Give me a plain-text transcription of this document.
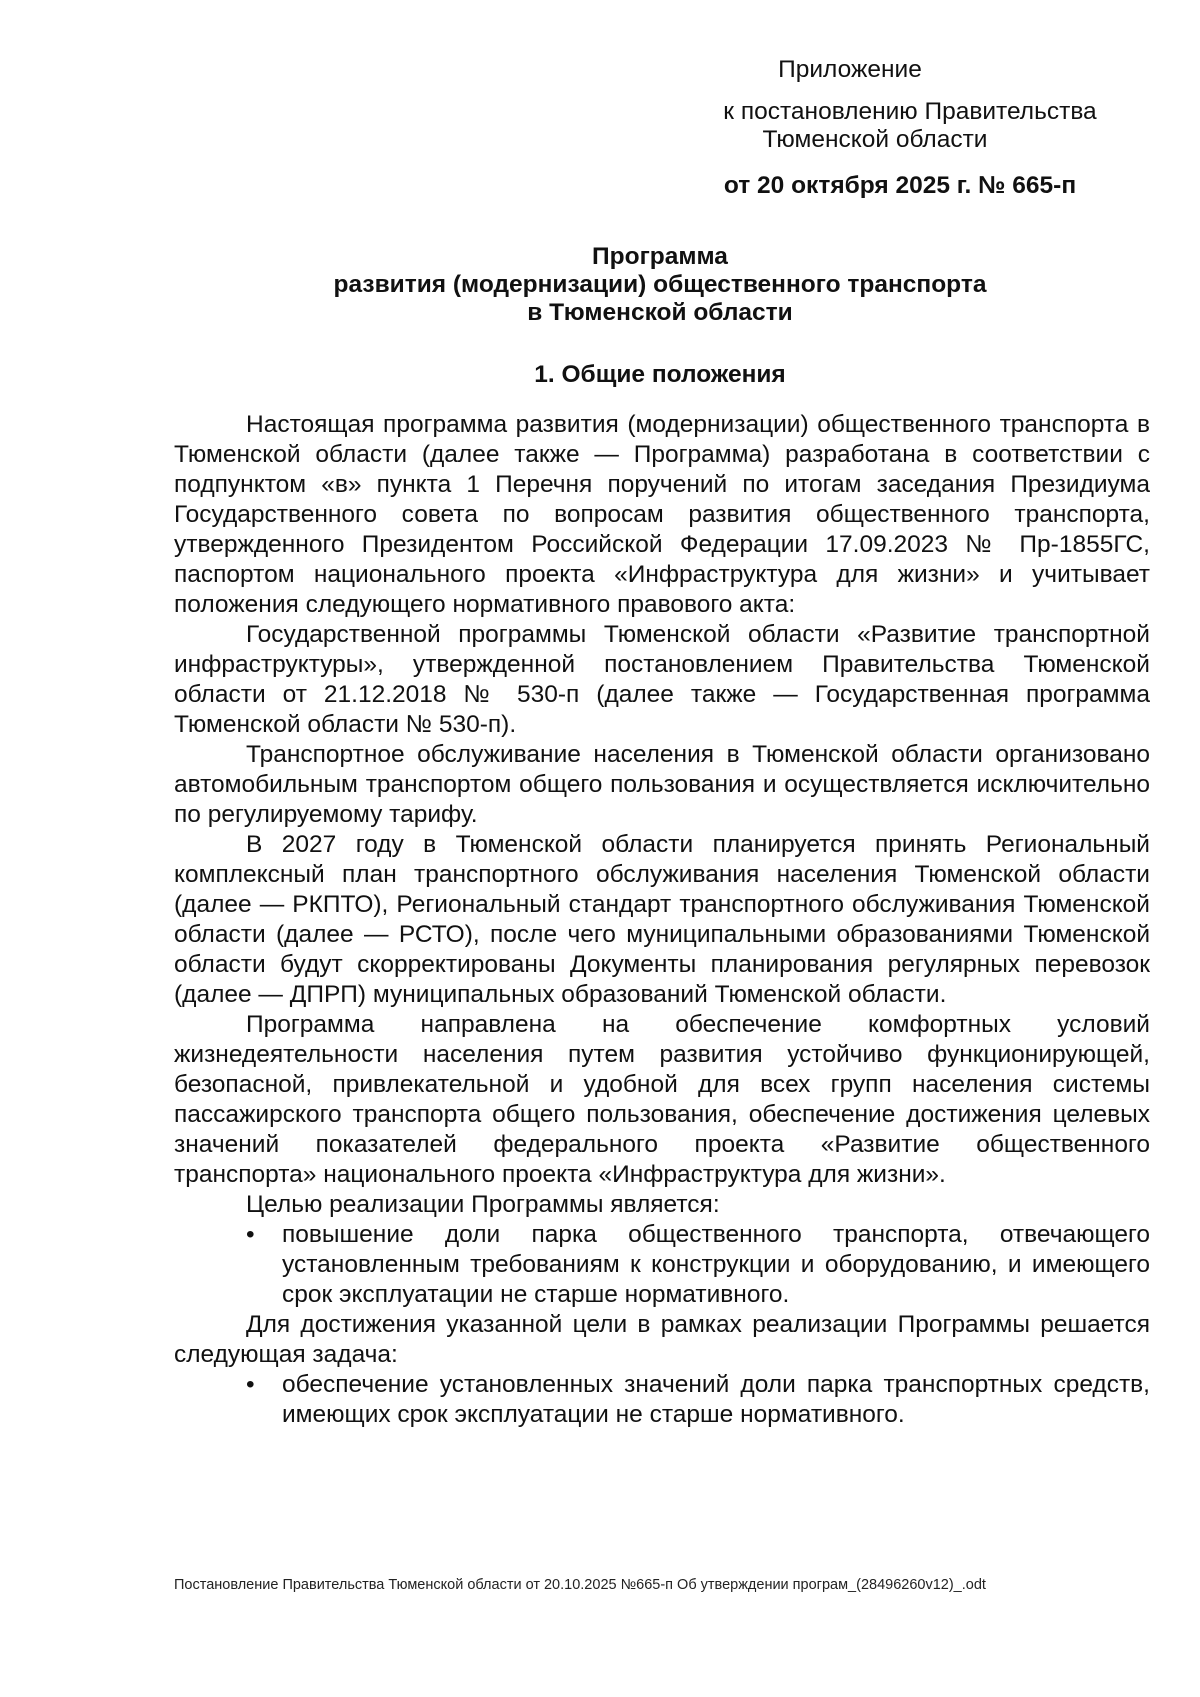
Приложение
к постановлению Правительства
Тюменской области
от 20 октября 2025 г. № 665-п
Программа
развития (модернизации) общественного транспорта
в Тюменской области
1. Общие положения

Настоящая программа развития (модернизации) общественного транспорта в Тюменской области (далее также — Программа) разработана в соответствии с подпунктом «в» пункта 1 Перечня поручений по итогам заседания Президиума Государственного совета по вопросам развития общественного транспорта, утвержденного Президентом Российской Федерации 17.09.2023 № Пр-1855ГС, паспортом национального проекта «Инфраструктура для жизни» и учитывает положения следующего нормативного правового акта:

Государственной программы Тюменской области «Развитие транспортной инфраструктуры», утвержденной постановлением Правительства Тюменской области от 21.12.2018 № 530-п (далее также — Государственная программа Тюменской области № 530-п).

Транспортное обслуживание населения в Тюменской области организовано автомобильным транспортом общего пользования и осуществляется исключительно по регулируемому тарифу.

В 2027 году в Тюменской области планируется принять Региональный комплексный план транспортного обслуживания населения Тюменской области (далее — РКПТО), Региональный стандарт транспортного обслуживания Тюменской области (далее — РСТО), после чего муниципальными образованиями Тюменской области будут скорректированы Документы планирования регулярных перевозок (далее — ДПРП) муниципальных образований Тюменской области.

Программа направлена на обеспечение комфортных условий жизнедеятельности населения путем развития устойчиво функционирующей, безопасной, привлекательной и удобной для всех групп населения системы пассажирского транспорта общего пользования, обеспечение достижения целевых значений показателей федерального проекта «Развитие общественного транспорта» национального проекта «Инфраструктура для жизни».

Целью реализации Программы является:

• повышение доли парка общественного транспорта, отвечающего установленным требованиям к конструкции и оборудованию, и имеющего срок эксплуатации не старше нормативного.

Для достижения указанной цели в рамках реализации Программы решается следующая задача:

• обеспечение установленных значений доли парка транспортных средств, имеющих срок эксплуатации не старше нормативного.
Постановление Правительства Тюменской области от 20.10.2025 №665-п Об утверждении програм_(28496260v12)_.odt
